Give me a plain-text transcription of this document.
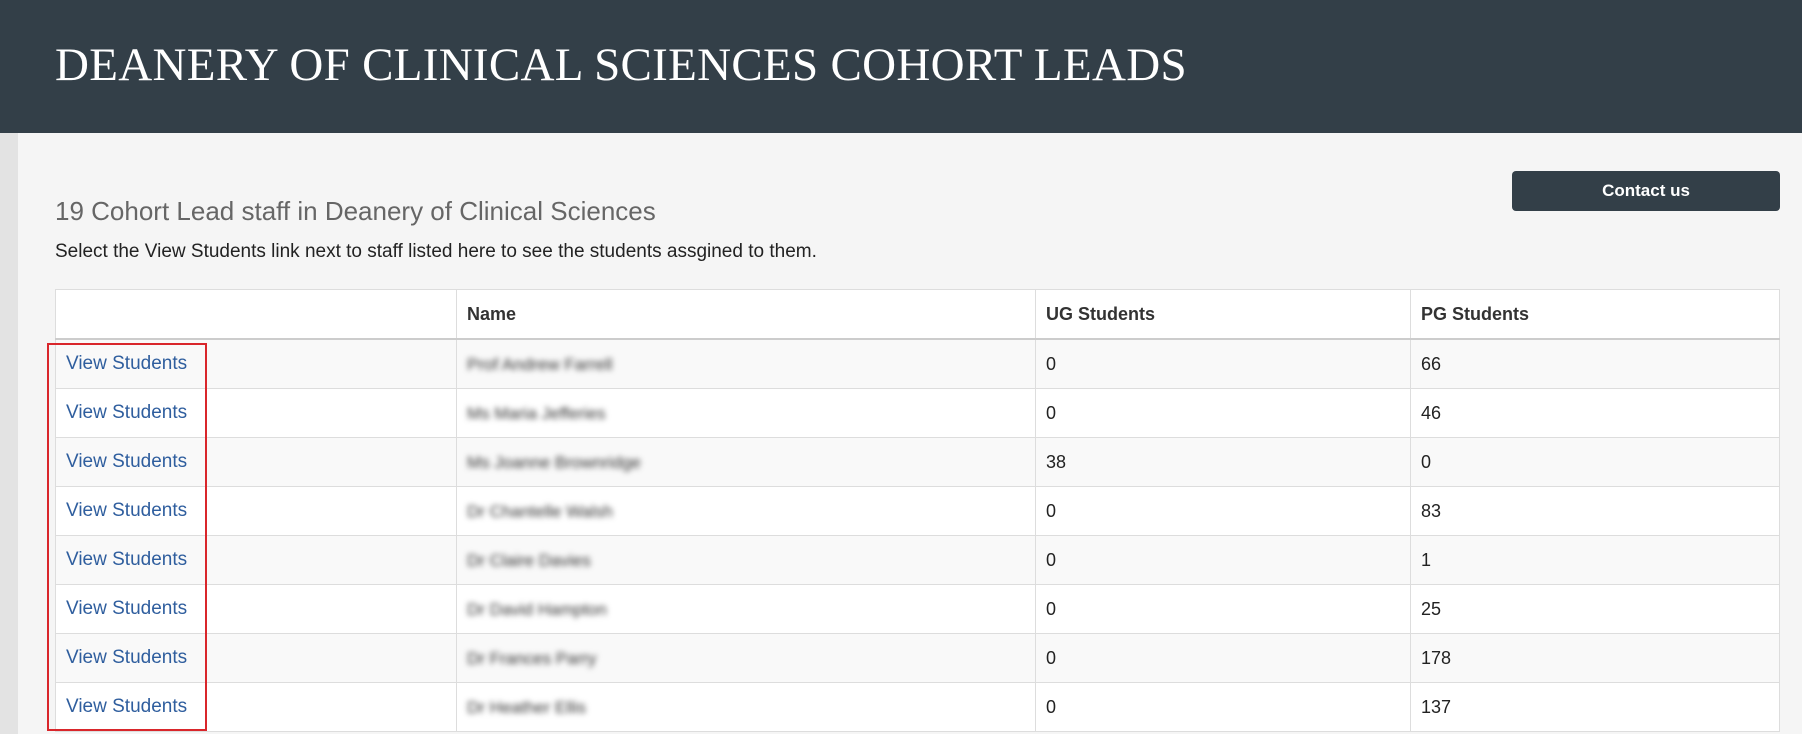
DEANERY OF CLINICAL SCIENCES COHORT LEADS
Contact us
19 Cohort Lead staff in Deanery of Clinical Sciences

Select the View Students link next to staff listed here to see the students assgined to them.

	Name	UG Students	PG Students
View Students	Prof Andrew Farrell	0	66
View Students	Ms Maria Jefferies	0	46
View Students	Ms Joanne Brownridge	38	0
View Students	Dr Chantelle Walsh	0	83
View Students	Dr Claire Davies	0	1
View Students	Dr David Hampton	0	25
View Students	Dr Frances Parry	0	178
View Students	Dr Heather Ellis	0	137
